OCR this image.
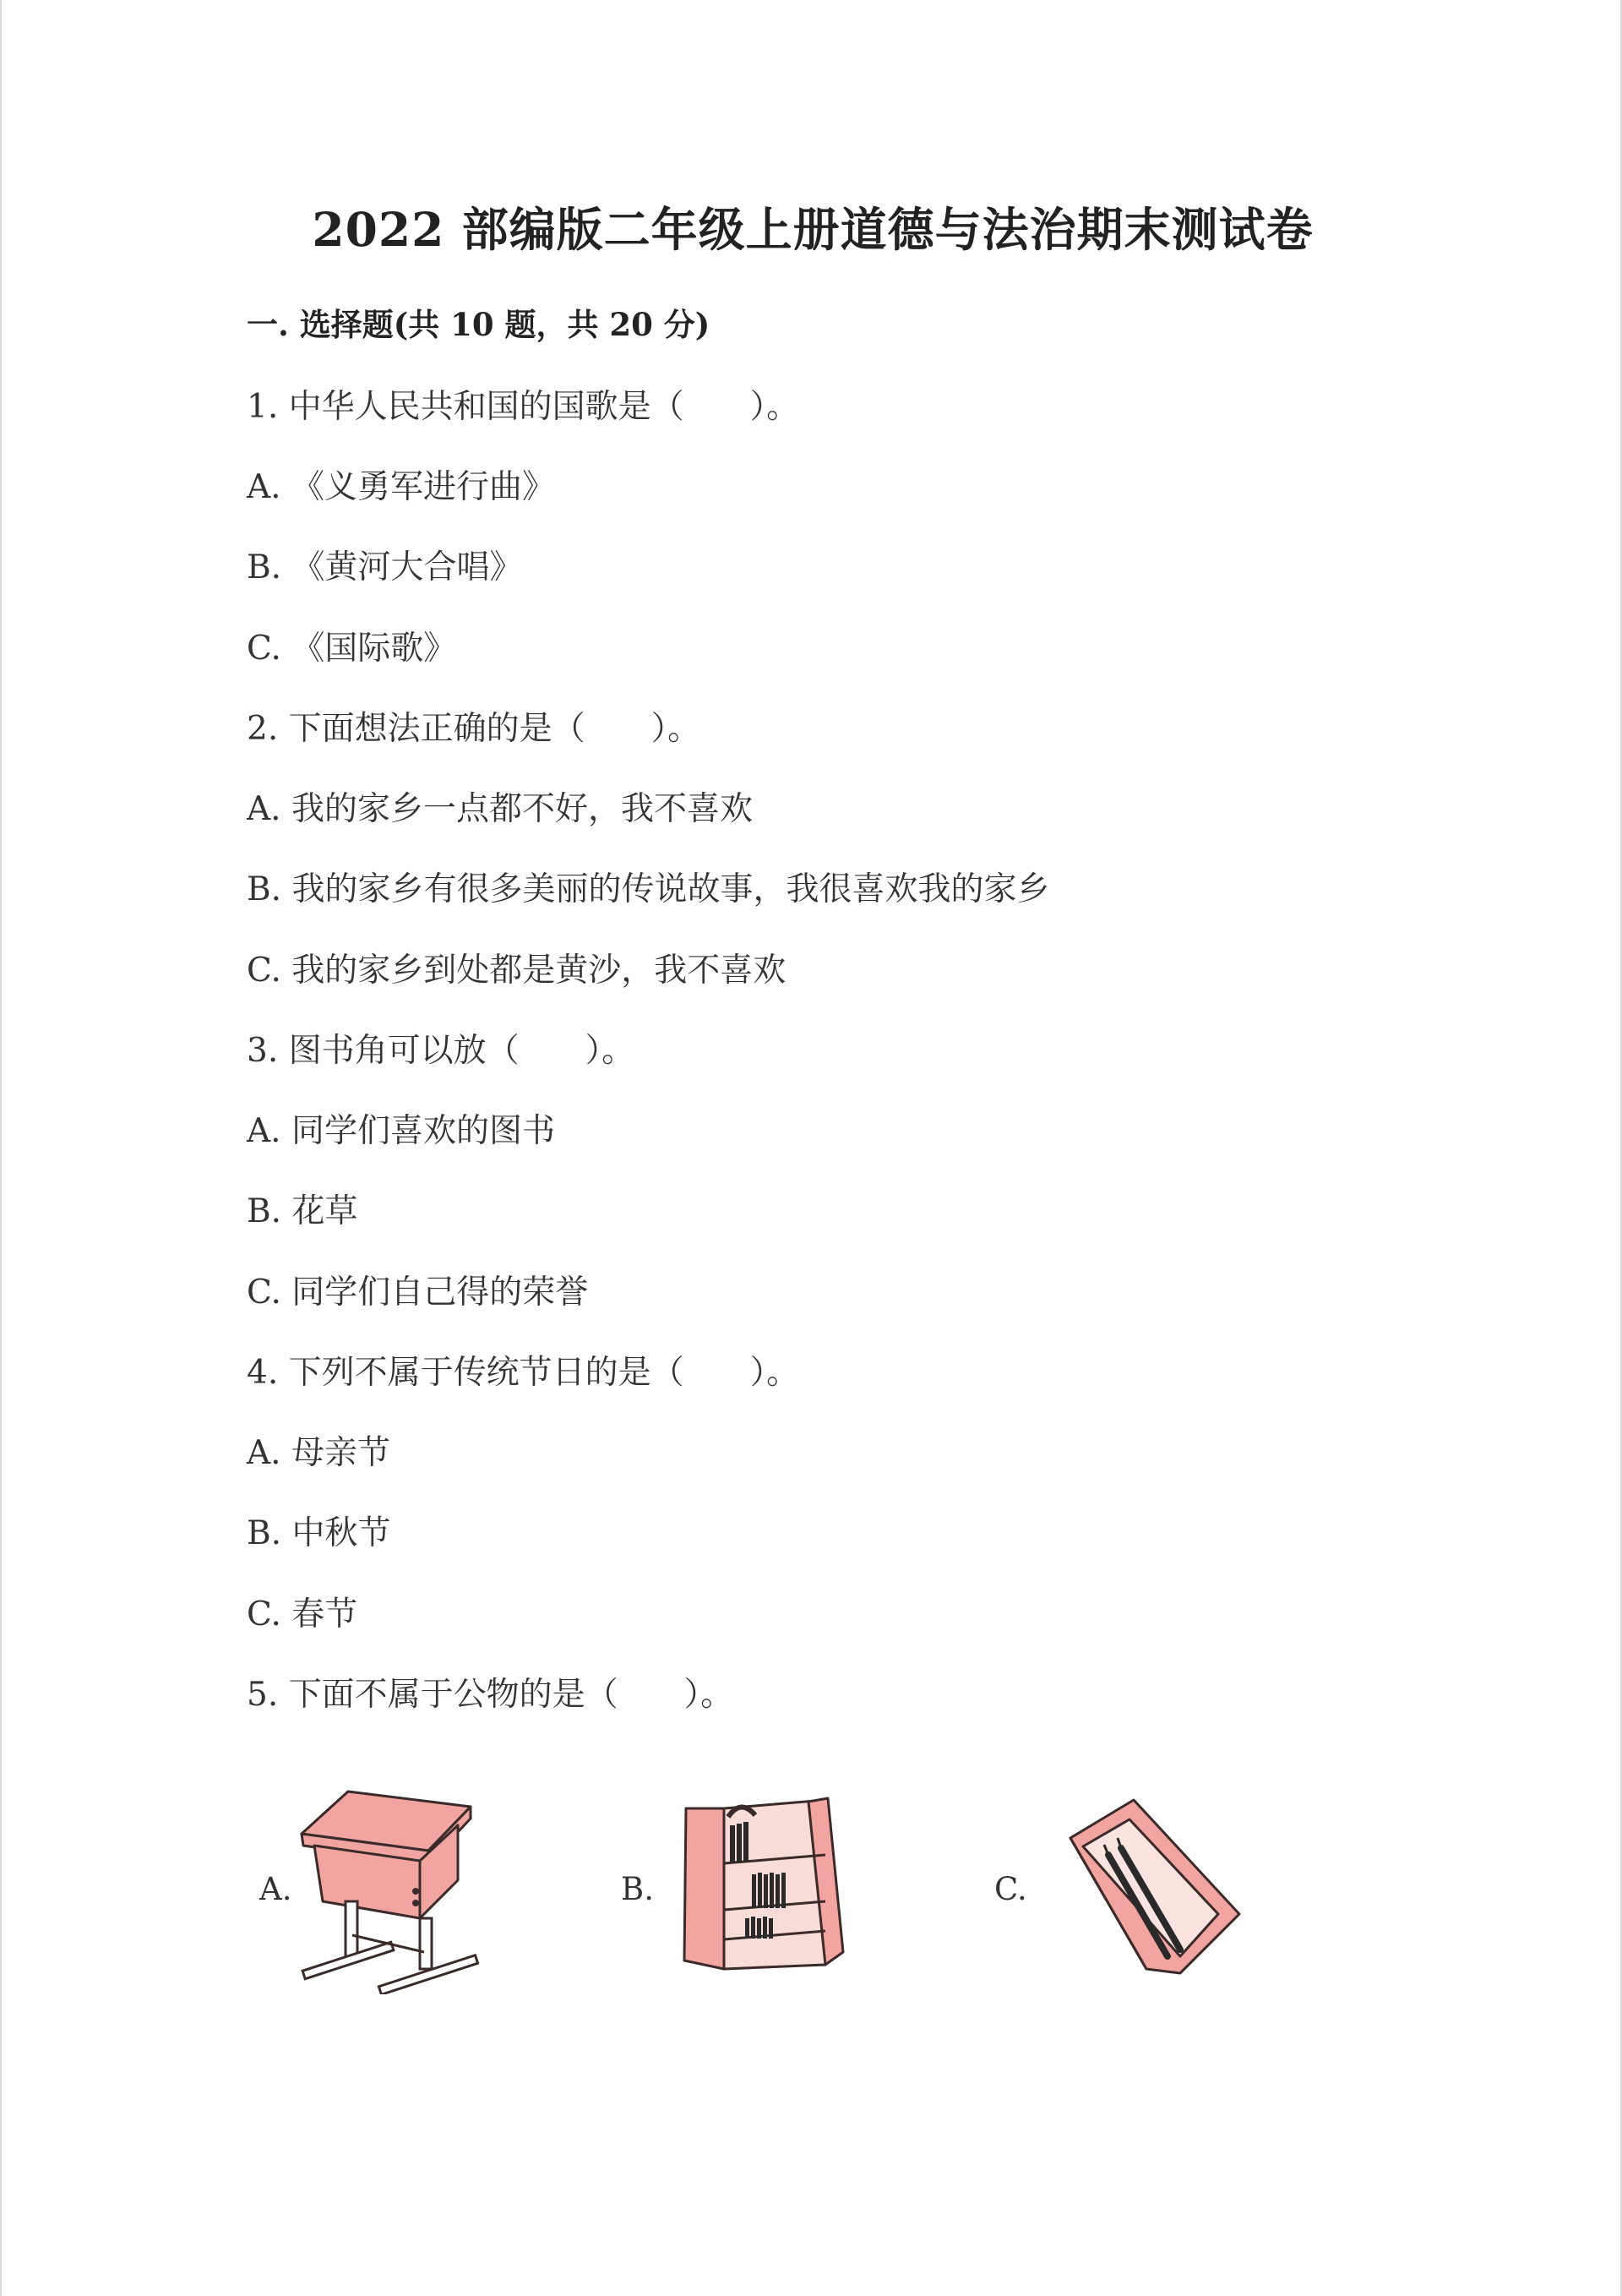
2022 部编版二年级上册道德与法治期末测试卷
一. 选择题(共 10 题，共 20 分)
1. 中华人民共和国的国歌是（　　）。
A. 《义勇军进行曲》
B. 《黄河大合唱》
C. 《国际歌》
2. 下面想法正确的是（　　）。
A. 我的家乡一点都不好，我不喜欢
B. 我的家乡有很多美丽的传说故事，我很喜欢我的家乡
C. 我的家乡到处都是黄沙，我不喜欢
3. 图书角可以放（　　）。
A. 同学们喜欢的图书
B. 花草
C. 同学们自己得的荣誉
4. 下列不属于传统节日的是（　　）。
A. 母亲节
B. 中秋节
C. 春节
5. 下面不属于公物的是（　　）。
A.	B.	C.
